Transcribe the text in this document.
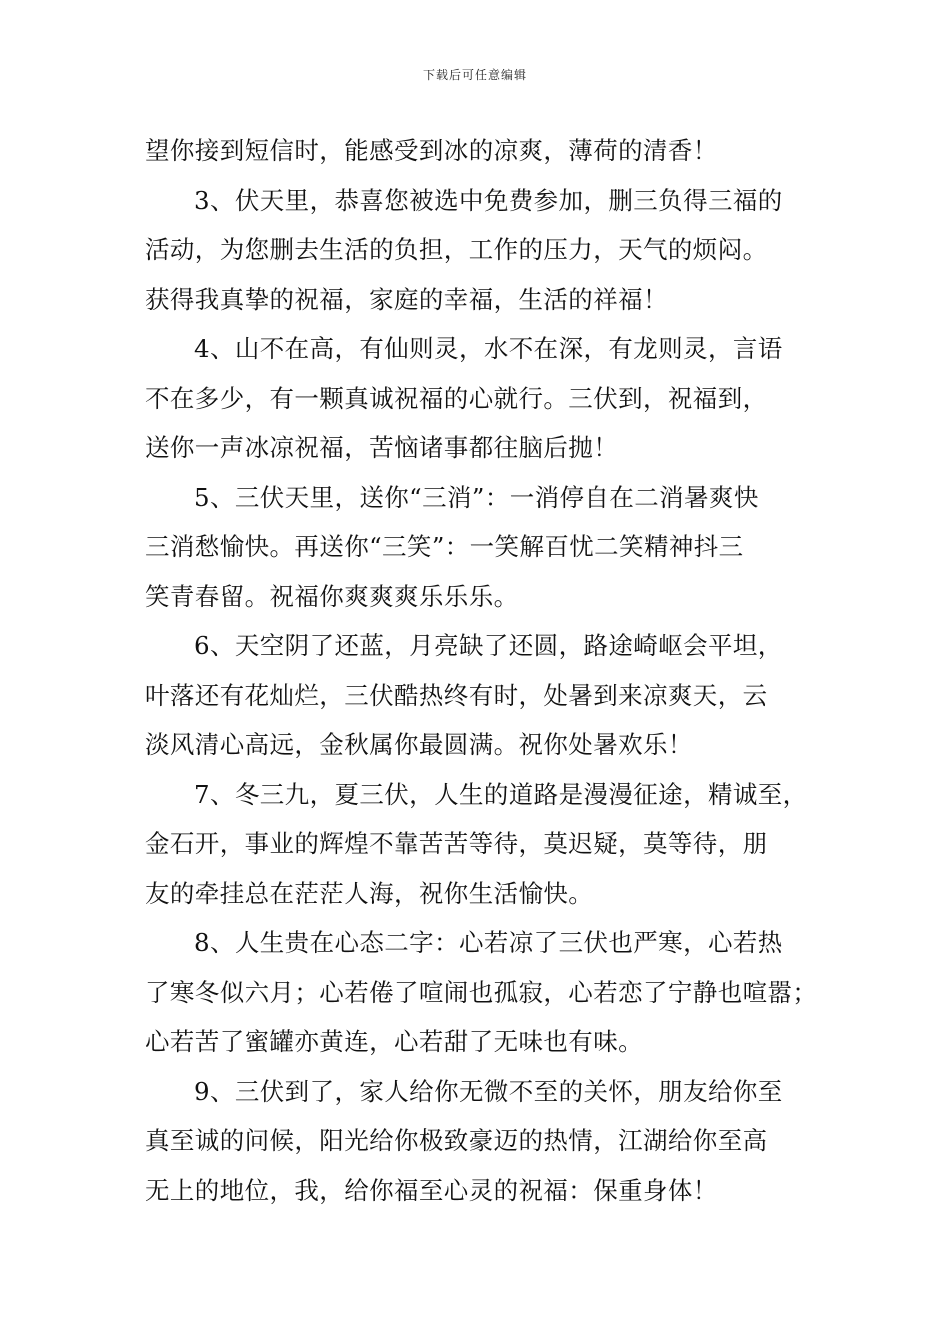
下载后可任意编辑
望你接到短信时，能感受到冰的凉爽，薄荷的清香！
3、伏天里，恭喜您被选中免费参加，删三负得三福的
活动，为您删去生活的负担，工作的压力，天气的烦闷。
获得我真挚的祝福，家庭的幸福，生活的祥福！
4、山不在高，有仙则灵，水不在深，有龙则灵，言语
不在多少，有一颗真诚祝福的心就行。三伏到，祝福到，
送你一声冰凉祝福，苦恼诸事都往脑后抛！
5、三伏天里，送你“三消”：一消停自在二消暑爽快
三消愁愉快。再送你“三笑”：一笑解百忧二笑精神抖三
笑青春留。祝福你爽爽爽乐乐乐。
6、天空阴了还蓝，月亮缺了还圆，路途崎岖会平坦，
叶落还有花灿烂，三伏酷热终有时，处暑到来凉爽天，云
淡风清心高远，金秋属你最圆满。祝你处暑欢乐！
7、冬三九，夏三伏，人生的道路是漫漫征途，精诚至，
金石开，事业的辉煌不靠苦苦等待，莫迟疑，莫等待，朋
友的牵挂总在茫茫人海，祝你生活愉快。
8、人生贵在心态二字：心若凉了三伏也严寒，心若热
了寒冬似六月；心若倦了喧闹也孤寂，心若恋了宁静也喧嚣；
心若苦了蜜罐亦黄连，心若甜了无味也有味。
9、三伏到了，家人给你无微不至的关怀，朋友给你至
真至诚的问候，阳光给你极致豪迈的热情，江湖给你至高
无上的地位，我，给你福至心灵的祝福：保重身体！
